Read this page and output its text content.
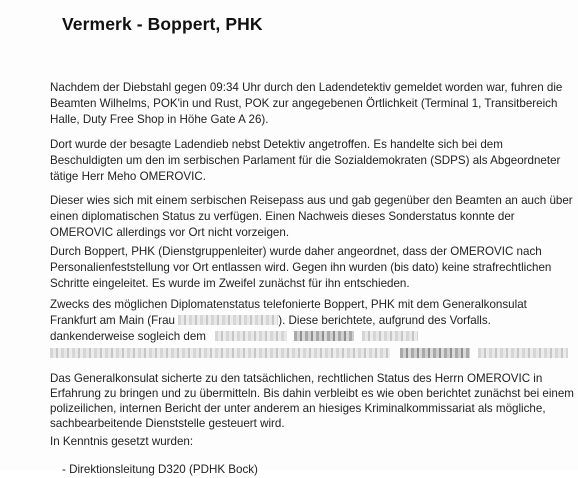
Vermerk - Boppert, PHK
Nachdem der Diebstahl gegen 09:34 Uhr durch den Ladendetektiv gemeldet worden war, fuhren die
Beamten Wilhelms, POK'in und Rust, POK zur angegebenen Örtlichkeit (Terminal 1, Transitbereich
Halle, Duty Free Shop in Höhe Gate A 26).
Dort wurde der besagte Ladendieb nebst Detektiv angetroffen. Es handelte sich bei dem
Beschuldigten um den im serbischen Parlament für die Sozialdemokraten (SDPS) als Abgeordneter
tätige Herr Meho OMEROVIC.
Dieser wies sich mit einem serbischen Reisepass aus und gab gegenüber den Beamten an auch über
einen diplomatischen Status zu verfügen. Einen Nachweis dieses Sonderstatus konnte der
OMEROVIC allerdings vor Ort nicht vorzeigen.
Durch Boppert, PHK (Dienstgruppenleiter) wurde daher angeordnet, dass der OMEROVIC nach
Personalienfeststellung vor Ort entlassen wird. Gegen ihn wurden (bis dato) keine strafrechtlichen
Schritte eingeleitet. Es wurde im Zweifel zunächst für ihn entschieden.
Zwecks des möglichen Diplomatenstatus telefonierte Boppert, PHK mit dem Generalkonsulat
Frankfurt am Main (Frau	). Diese berichtete, aufgrund des Vorfalls.
dankenderweise sogleich dem
Das Generalkonsulat sicherte zu den tatsächlichen, rechtlichen Status des Herrn OMEROVIC in
Erfahrung zu bringen und zu übermitteln. Bis dahin verbleibt es wie oben berichtet zunächst bei einem
polizeilichen, internen Bericht der unter anderem an hiesiges Kriminalkommissariat als mögliche,
sachbearbeitende Dienststelle gesteuert wird.
In Kenntnis gesetzt wurden:
- Direktionsleitung D320 (PDHK Bock)
